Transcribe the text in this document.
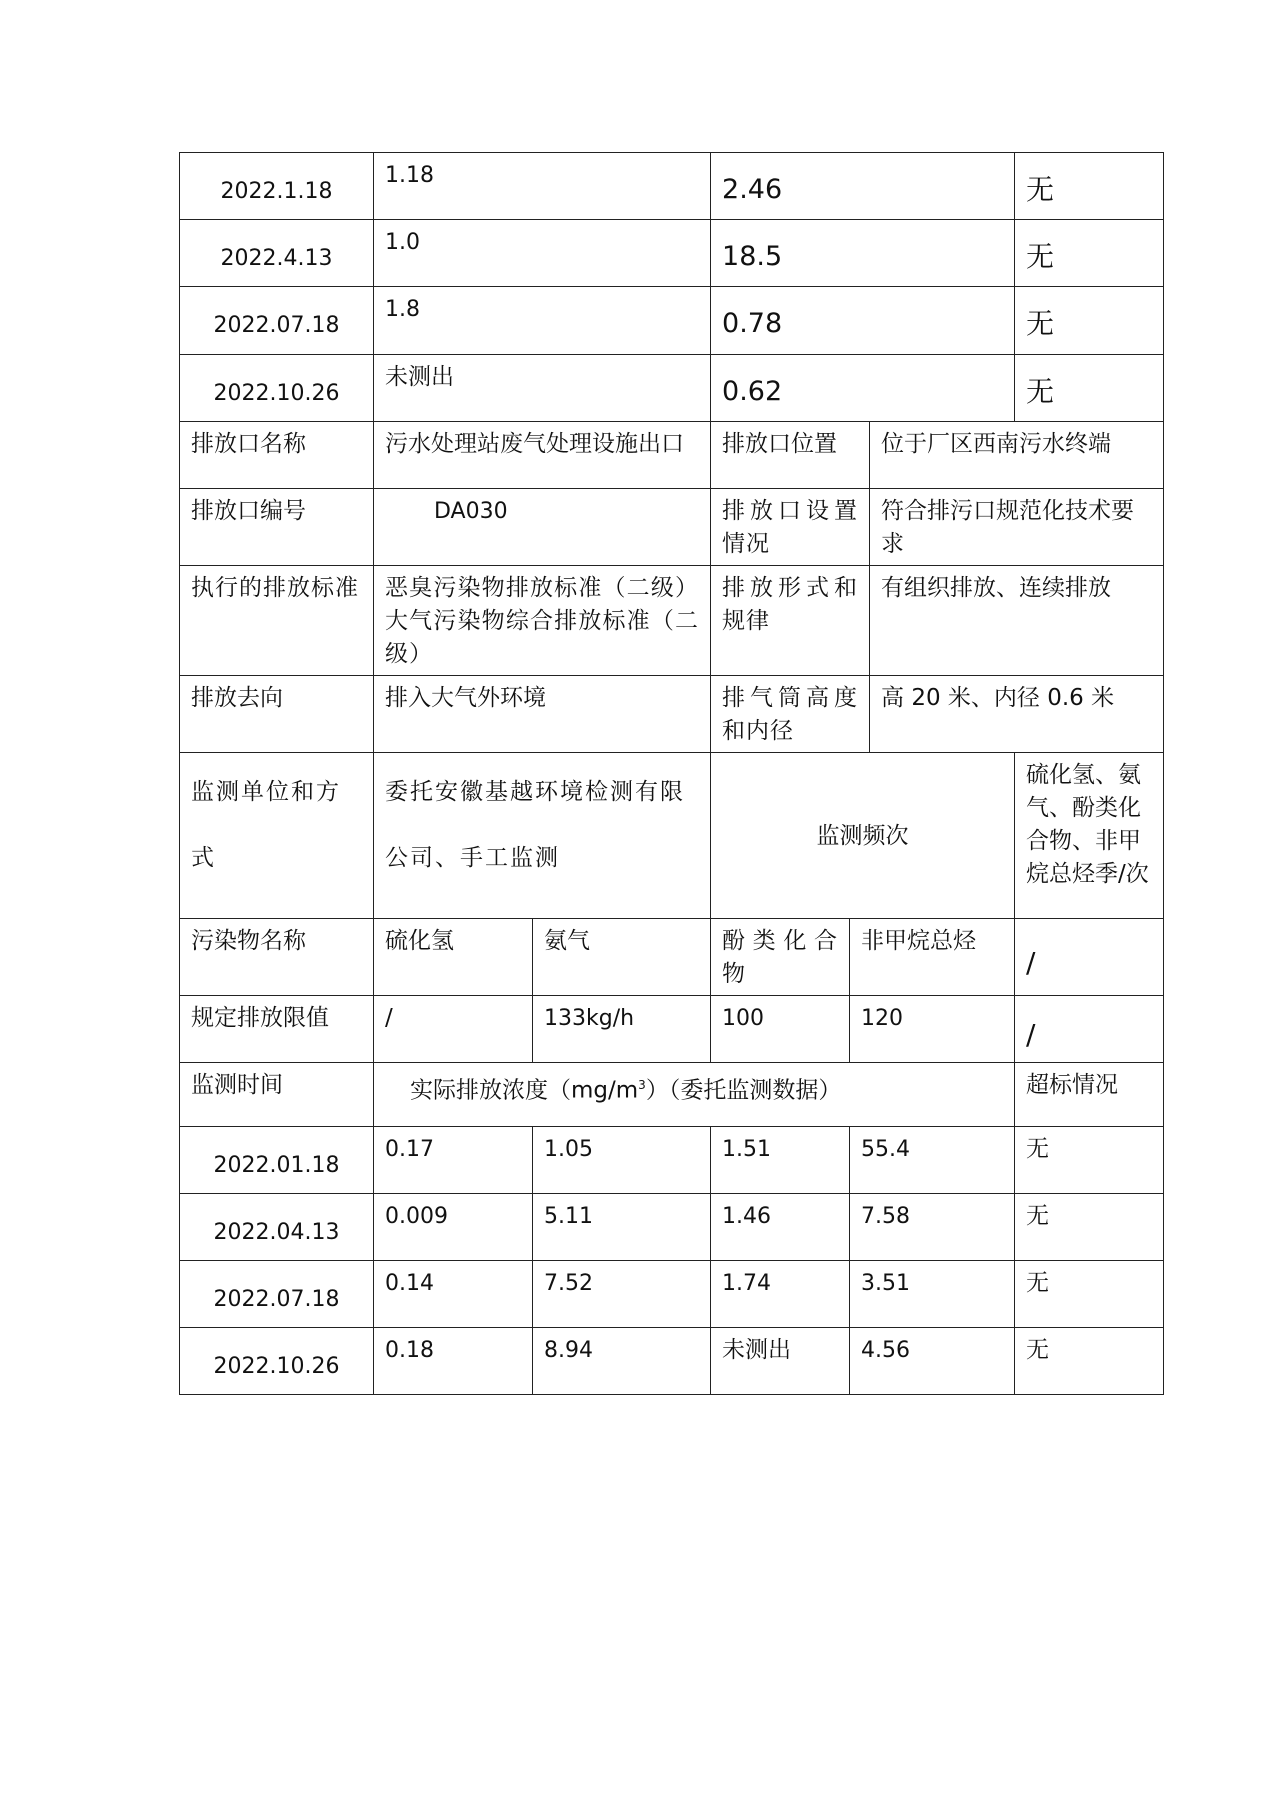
2022.1.18	1.18		2.46			无
2022.4.13	1.0		18.5			无
2022.07.18	1.8		0.78			无
2022.10.26	未测出		0.62			无
排放口名称	污水处理站废气处理设施出口		排放口位置		位于厂区西南污水终端	
排放口编号	DA030		排放口设置情况		符合排污口规范化技术要求	
执行的排放标准	恶臭污染物排放标准（二级）大气污染物综合排放标准（二级）		排放形式和规律		有组织排放、连续排放	
排放去向	排入大气外环境		排气筒高度和内径		高 20 米、内径 0.6 米	
监测单位和方式	委托安徽基越环境检测有限公司、手工监测		监测频次			硫化氢、氨气、酚类化合物、非甲烷总烃季/次
污染物名称	硫化氢	氨气	酚类化合物	非甲烷总烃		/
规定排放限值	/	133kg/h	100	120		/
监测时间	实际排放浓度$(mg/m^3)$（委托监测数据）					超标情况
2022.01.18	0.17	1.05	1.51	55.4		无
2022.04.13	0.009	5.11	1.46	7.58		无
2022.07.18	0.14	7.52	1.74	3.51		无
2022.10.26	0.18	8.94	未测出	4.56		无
